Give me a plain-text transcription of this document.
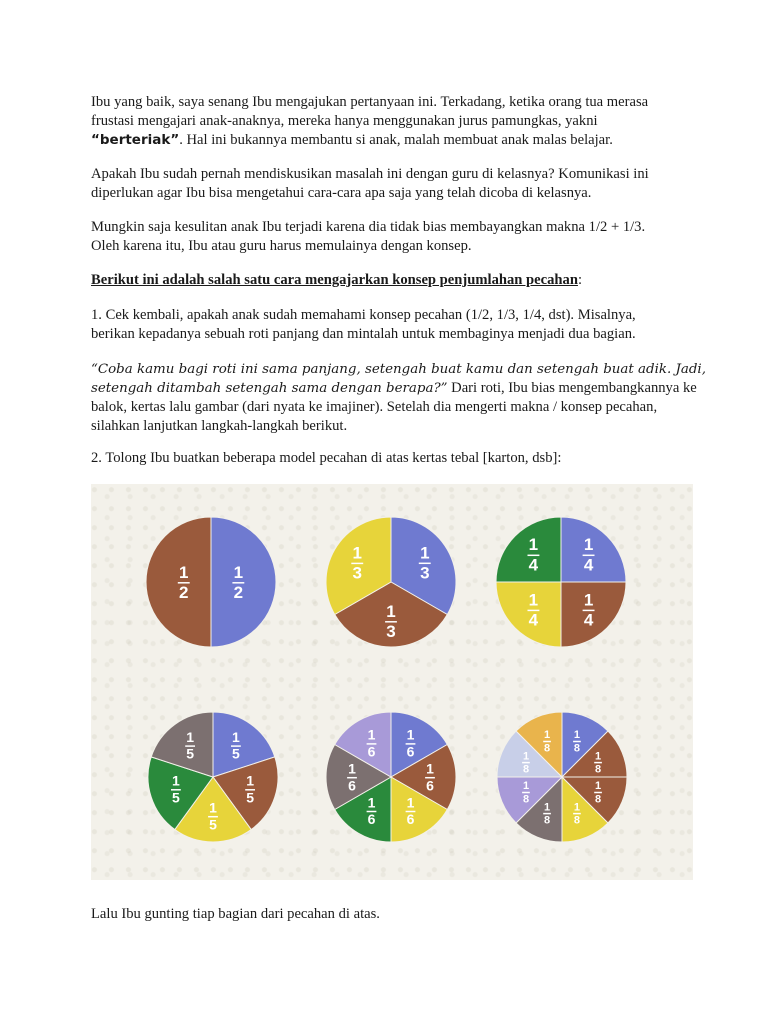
Ibu yang baik, saya senang Ibu mengajukan pertanyaan ini. Terkadang, ketika orang tua merasa
frustasi mengajari anak-anaknya, mereka hanya menggunakan jurus pamungkas, yakni
“berteriak”. Hal ini bukannya membantu si anak, malah membuat anak malas belajar.

Apakah Ibu sudah pernah mendiskusikan masalah ini dengan guru di kelasnya? Komunikasi ini
diperlukan agar Ibu bisa mengetahui cara-cara apa saja yang telah dicoba di kelasnya.

Mungkin saja kesulitan anak Ibu terjadi karena dia tidak bias membayangkan makna 1/2 + 1/3.
Oleh karena itu, Ibu atau guru harus memulainya dengan konsep.

Berikut ini adalah salah satu cara mengajarkan konsep penjumlahan pecahan:

1. Cek kembali, apakah anak sudah memahami konsep pecahan (1/2, 1/3, 1/4, dst). Misalnya,
berikan kepadanya sebuah roti panjang dan mintalah untuk membaginya menjadi dua bagian.

“Coba kamu bagi roti ini sama panjang, setengah buat kamu dan setengah buat adik. Jadi,
setengah ditambah setengah sama dengan berapa?” Dari roti, Ibu bias mengembangkannya ke
balok, kertas lalu gambar (dari nyata ke imajiner). Setelah dia mengerti makna / konsep pecahan,
silahkan lanjutkan langkah-langkah berikut.

2. Tolong Ibu buatkan beberapa model pecahan di atas kertas tebal [karton, dsb]:

1
2
1
2
1
3
1
3
1
3
1
4
1
4
1
4
1
4
1
5
1
5
1
5
1
5
1
5
1
6
1
6
1
6
1
6
1
6
1
6
1
8
1
8
1
8
1
8
1
8
1
8
1
8
1
8

Lalu Ibu gunting tiap bagian dari pecahan di atas.
